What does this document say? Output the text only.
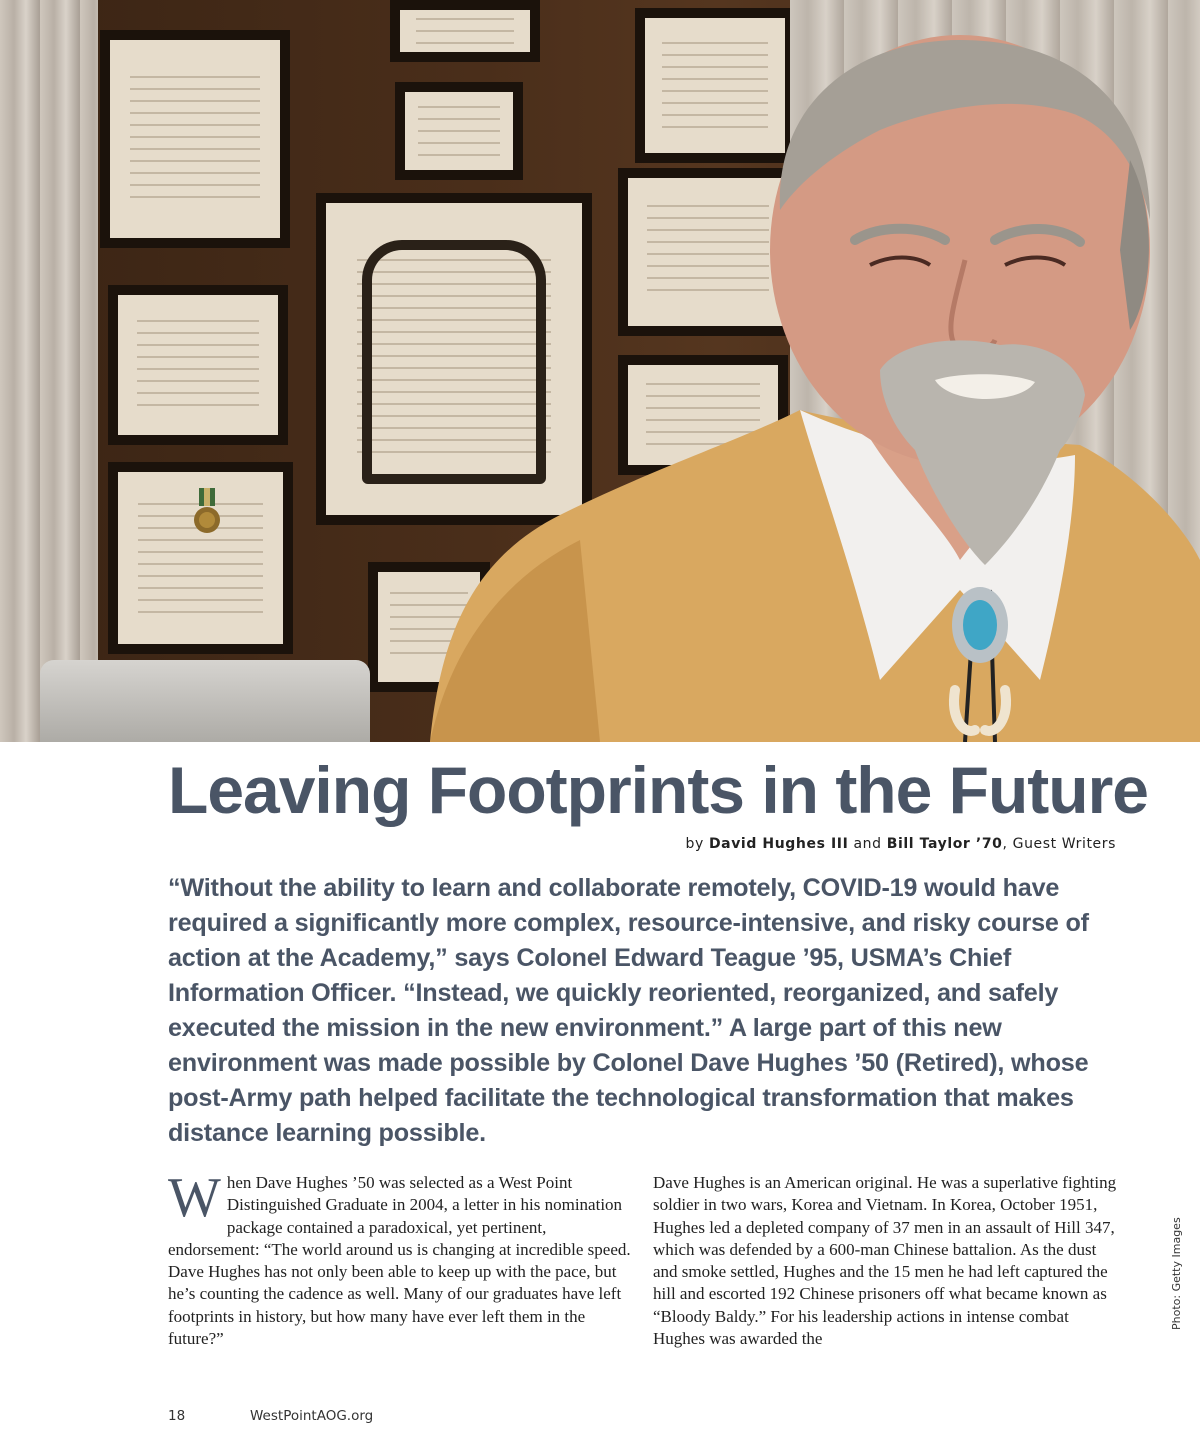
Leaving Footprints in the Future
by David Hughes III and Bill Taylor ’70, Guest Writers

“Without the ability to learn and collaborate remotely, COVID-19 would have required a significantly more complex, resource-intensive, and risky course of action at the Academy,” says Colonel Edward Teague ’95, USMA’s Chief Information Officer. “Instead, we quickly reoriented, reorganized, and safely executed the mission in the new environment.” A large part of this new environment was made possible by Colonel Dave Hughes ’50 (Retired), whose post-Army path helped facilitate the technological transformation that makes distance learning possible.

When Dave Hughes ’50 was selected as a West Point Distinguished Graduate in 2004, a letter in his nomination package contained a paradoxical, yet pertinent, endorsement: “The world around us is changing at incredible speed. Dave Hughes has not only been able to keep up with the pace, but he’s counting the cadence as well. Many of our graduates have left footprints in history, but how many have ever left them in the future?”

Dave Hughes is an American original. He was a superlative fighting soldier in two wars, Korea and Vietnam. In Korea, October 1951, Hughes led a depleted company of 37 men in an assault of Hill 347, which was defended by a 600-man Chinese battalion. As the dust and smoke settled, Hughes and the 15 men he had left captured the hill and escorted 192 Chinese prisoners off what became known as “Bloody Baldy.” For his leadership actions in intense combat Hughes was awarded the

Photo: Getty Images
18	WestPointAOG.org
